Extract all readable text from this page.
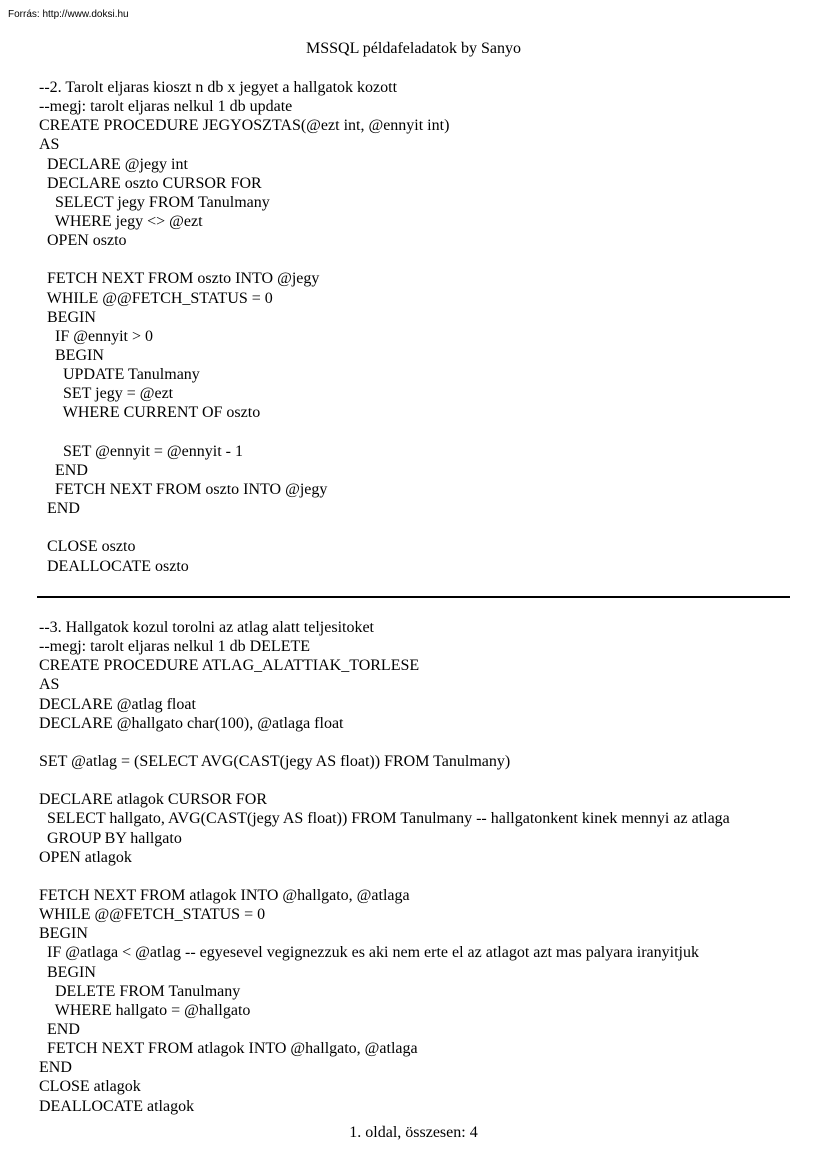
Forrás: http://www.doksi.hu
MSSQL példafeladatok by Sanyo
--2. Tarolt eljaras kioszt n db x jegyet a hallgatok kozott
--megj: tarolt eljaras nelkul 1 db update
CREATE PROCEDURE JEGYOSZTAS(@ezt int, @ennyit int)
AS
DECLARE @jegy int
DECLARE oszto CURSOR FOR
SELECT jegy FROM Tanulmany
WHERE jegy <> @ezt
OPEN oszto
FETCH NEXT FROM oszto INTO @jegy
WHILE @@FETCH_STATUS = 0
BEGIN
IF @ennyit > 0
BEGIN
UPDATE Tanulmany
SET jegy = @ezt
WHERE CURRENT OF oszto
SET @ennyit = @ennyit - 1
END
FETCH NEXT FROM oszto INTO @jegy
END
CLOSE oszto
DEALLOCATE oszto
--3. Hallgatok kozul torolni az atlag alatt teljesitoket
--megj: tarolt eljaras nelkul 1 db DELETE
CREATE PROCEDURE ATLAG_ALATTIAK_TORLESE
AS
DECLARE @atlag float
DECLARE @hallgato char(100), @atlaga float
SET @atlag = (SELECT AVG(CAST(jegy AS float)) FROM Tanulmany)
DECLARE atlagok CURSOR FOR
SELECT hallgato, AVG(CAST(jegy AS float)) FROM Tanulmany -- hallgatonkent kinek mennyi az atlaga
GROUP BY hallgato
OPEN atlagok
FETCH NEXT FROM atlagok INTO @hallgato, @atlaga
WHILE @@FETCH_STATUS = 0
BEGIN
IF @atlaga < @atlag -- egyesevel vegignezzuk es aki nem erte el az atlagot azt mas palyara iranyitjuk
BEGIN
DELETE FROM Tanulmany
WHERE hallgato = @hallgato
END
FETCH NEXT FROM atlagok INTO @hallgato, @atlaga
END
CLOSE atlagok
DEALLOCATE atlagok
1. oldal, összesen: 4
